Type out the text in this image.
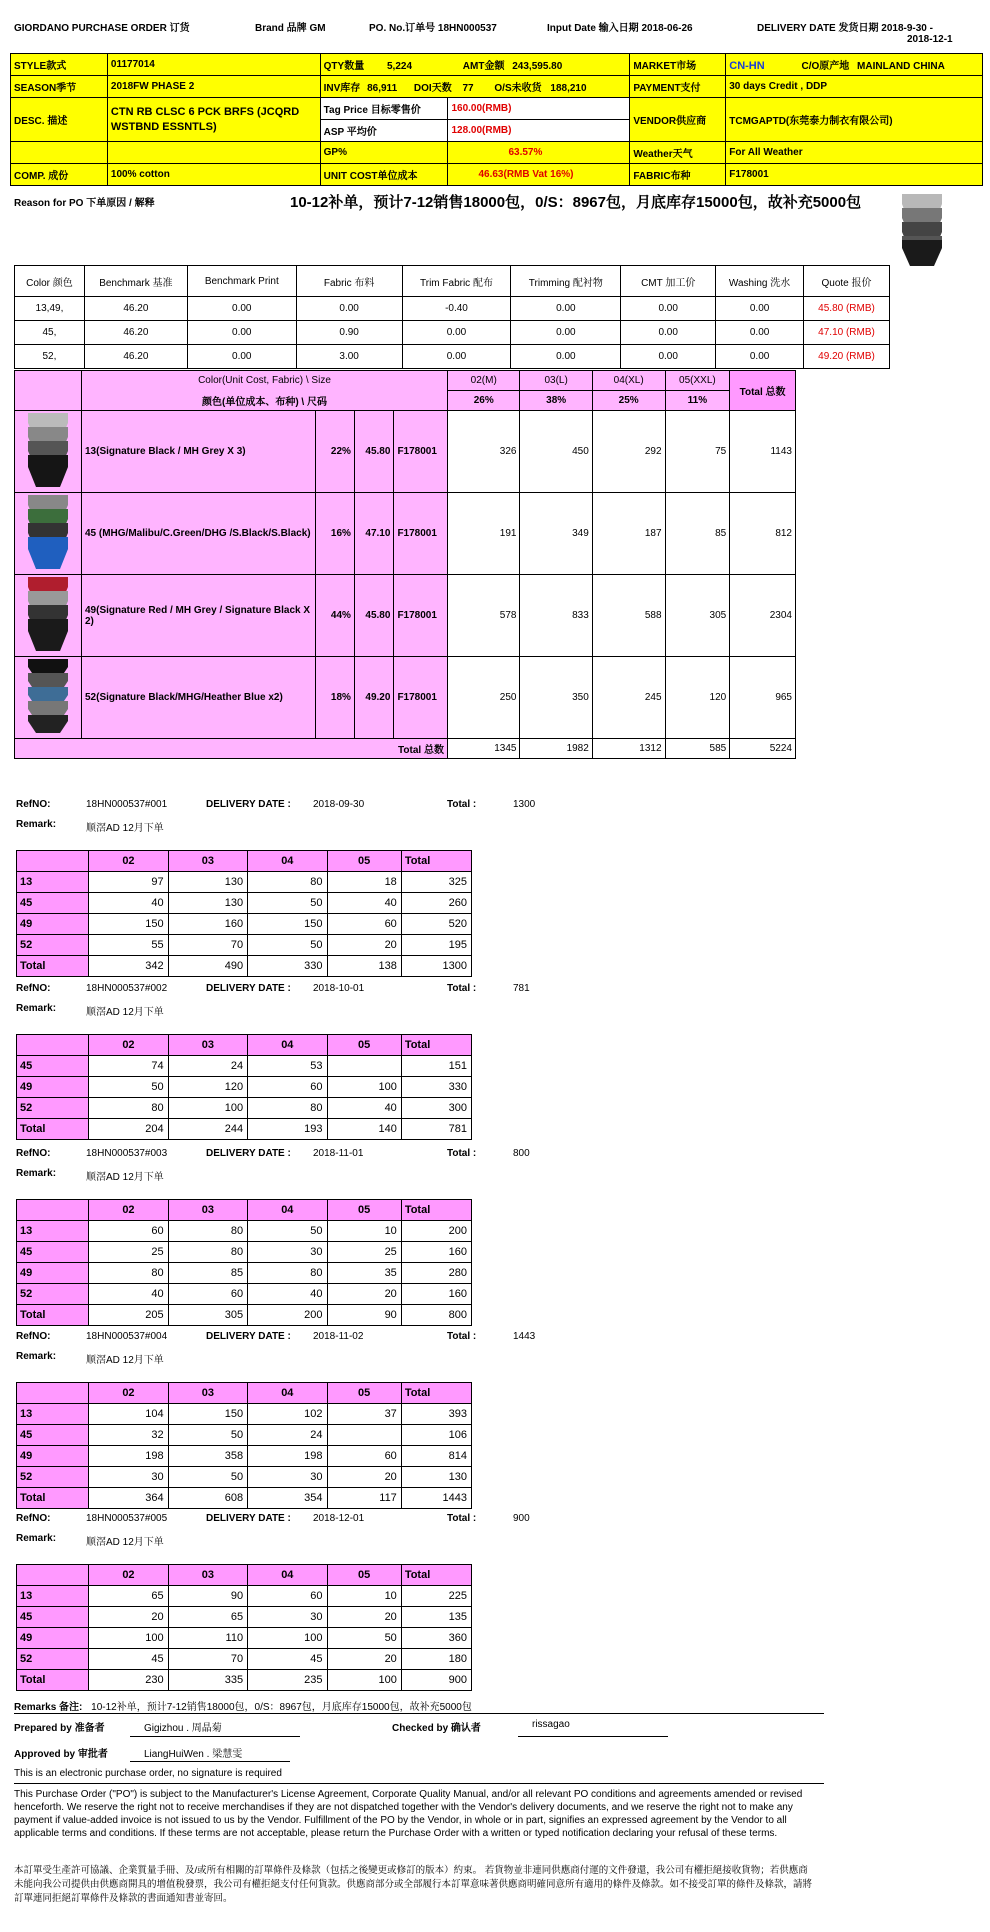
GIORDANO PURCHASE ORDER 订货	Brand 品牌 GM	PO. No.订单号 18HN000537	Input Date 输入日期 2018-06-26	DELIVERY DATE 发货日期 2018-9-30 -
2018-12-1
STYLE款式	01177014	QTY数量 5,224 AMT金额 243,595.80		MARKET市场	CN-HN C/O原产地 MAINLAND CHINA
SEASON季节	2018FW PHASE 2	INV库存 86,911 DOI天数 77 O/S未收货 188,210		PAYMENT支付	30 days Credit , DDP
DESC. 描述	CTN RB CLSC 6 PCK BRFS (JCQRD WSTBND ESSNTLS)	Tag Price 目标零售价	160.00(RMB)	VENDOR供应商	TCMGAPTD(东莞泰力制衣有限公司)
		ASP 平均价	128.00(RMB)		
		GP%	63.57%	Weather天气	For All Weather
COMP. 成份	100% cotton	UNIT COST单位成本	46.63(RMB Vat 16%)	FABRIC布种	F178001
Reason for PO 下单原因 / 解释	10-12补单，预计7-12销售18000包，0/S：8967包，月底库存15000包，故补充5000包
Color 颜色	Benchmark 基准	Benchmark Print	Fabric 布料	Trim Fabric 配布	Trimming 配衬物	CMT 加工价	Washing 洗水	Quote 报价
13,49,	46.20	0.00	0.00	-0.40	0.00	0.00	0.00	45.80 (RMB)
45,	46.20	0.00	0.90	0.00	0.00	0.00	0.00	47.10 (RMB)
52,	46.20	0.00	3.00	0.00	0.00	0.00	0.00	49.20 (RMB)
	Color(Unit Cost, Fabric) \ Size				02(M)	03(L)	04(XL)	05(XXL)	Total 总数
	颜色(单位成本、布种) \ 尺码				26%	38%	25%	11%	
	13(Signature Black / MH Grey X 3)	22%	45.80	F178001	326	450	292	75	1143
	45 (MHG/Malibu/C.Green/DHG /S.Black/S.Black)	16%	47.10	F178001	191	349	187	85	812
	49(Signature Red / MH Grey / Signature Black X 2)	44%	45.80	F178001	578	833	588	305	2304
	52(Signature Black/MHG/Heather Blue x2)	18%	49.20	F178001	250	350	245	120	965
Total 总数					1345	1982	1312	585	5224
RefNO:	18HN000537#001	DELIVERY DATE : 2018-09-30	Total :	1300
Remark:	顺滘AD 12月下单
	02	03	04	05	Total
13	97	130	80	18	325
45	40	130	50	40	260
49	150	160	150	60	520
52	55	70	50	20	195
Total	342	490	330	138	1300
RefNO:	18HN000537#002	DELIVERY DATE : 2018-10-01	Total :	781
Remark:	顺滘AD 12月下单
	02	03	04	05	Total
45	74	24	53		151
49	50	120	60	100	330
52	80	100	80	40	300
Total	204	244	193	140	781
RefNO:	18HN000537#003	DELIVERY DATE : 2018-11-01	Total :	800
Remark:	顺滘AD 12月下单
	02	03	04	05	Total
13	60	80	50	10	200
45	25	80	30	25	160
49	80	85	80	35	280
52	40	60	40	20	160
Total	205	305	200	90	800
RefNO:	18HN000537#004	DELIVERY DATE : 2018-11-02	Total :	1443
Remark:	顺滘AD 12月下单
	02	03	04	05	Total
13	104	150	102	37	393
45	32	50	24		106
49	198	358	198	60	814
52	30	50	30	20	130
Total	364	608	354	117	1443
RefNO:	18HN000537#005	DELIVERY DATE : 2018-12-01	Total :	900
Remark:	顺滘AD 12月下单
	02	03	04	05	Total
13	65	90	60	10	225
45	20	65	30	20	135
49	100	110	100	50	360
52	45	70	45	20	180
Total	230	335	235	100	900
Remarks 备注: 10-12补单，预计7-12销售18000包，0/S：8967包，月底库存15000包，故补充5000包
Prepared by 准备者	Gigizhou . 周晶菊	Checked by 确认者	rissagao
Approved by 审批者	LiangHuiWen . 梁慧雯
This is an electronic purchase order, no signature is required
This Purchase Order ("PO") is subject to the Manufacturer's License Agreement, Corporate Quality Manual, and/or all relevant PO conditions and agreements amended or revised henceforth. We reserve the right not to receive merchandises if they are not dispatched together with the Vendor's delivery documents, and we reserve the right not to make any payment if value-added invoice is not issued to us by the Vendor. Fulfillment of the PO by the Vendor, in whole or in part, signifies an expressed agreement by the Vendor to all applicable terms and conditions. If these terms are not acceptable, please return the Purchase Order with a written or typed notification declaring your refusal of these terms.
本訂單受生產許可協議、企業質量手冊、及/或所有相關的訂單條件及條款（包括之後變更或修訂的版本）約束。 若貨物並非連同供應商付運的文件發還，我公司有權拒絕接收貨物；若供應商未能向我公司提供由供應商開具的增值稅發票，我公司有權拒絕支付任何貨款。供應商部分或全部履行本訂單意味著供應商明確同意所有適用的條件及條款。如不接受訂單的條件及條款，請將訂單連同拒絕訂單條件及條款的書面通知書並寄回。
